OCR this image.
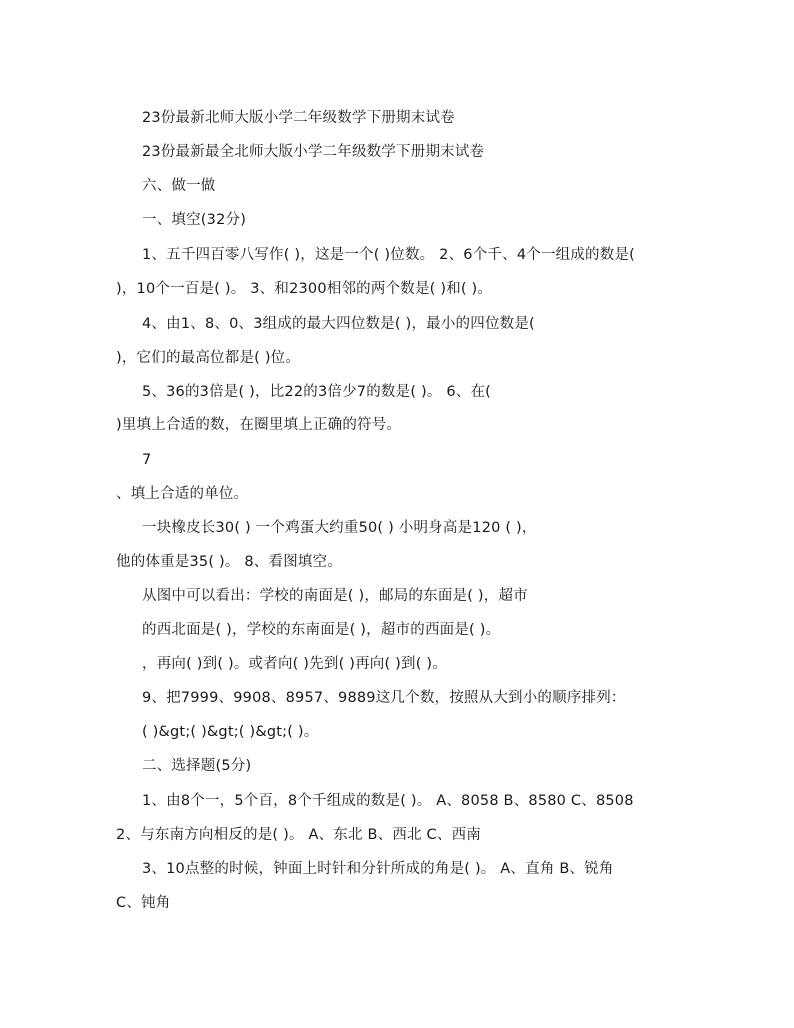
23份最新北师大版小学二年级数学下册期末试卷
23份最新最全北师大版小学二年级数学下册期末试卷
六、做一做
一、填空(32分)
1、五千四百零八写作( )，这是一个( )位数。 2、6个千、4个一组成的数是(
)，10个一百是( )。 3、和2300相邻的两个数是( )和( )。
4、由1、8、0、3组成的最大四位数是( )，最小的四位数是(
)，它们的最高位都是( )位。
5、36的3倍是( )，比22的3倍少7的数是( )。 6、在(
)里填上合适的数，在圈里填上正确的符号。
7
、填上合适的单位。
一块橡皮长30( ) 一个鸡蛋大约重50( ) 小明身高是120 ( )，
他的体重是35( )。 8、看图填空。
从图中可以看出：学校的南面是( )，邮局的东面是( )，超市
的西北面是( )，学校的东南面是( )，超市的西面是( )。
，再向( )到( )。或者向( )先到( )再向( )到( )。
9、把7999、9908、8957、9889这几个数，按照从大到小的顺序排列：
( )&gt;( )&gt;( )&gt;( )。
二、选择题(5分)
1、由8个一，5个百，8个千组成的数是( )。 A、8058 B、8580 C、8508
2、与东南方向相反的是( )。 A、东北 B、西北 C、西南
3、10点整的时候，钟面上时针和分针所成的角是( )。 A、直角 B、锐角
C、钝角
